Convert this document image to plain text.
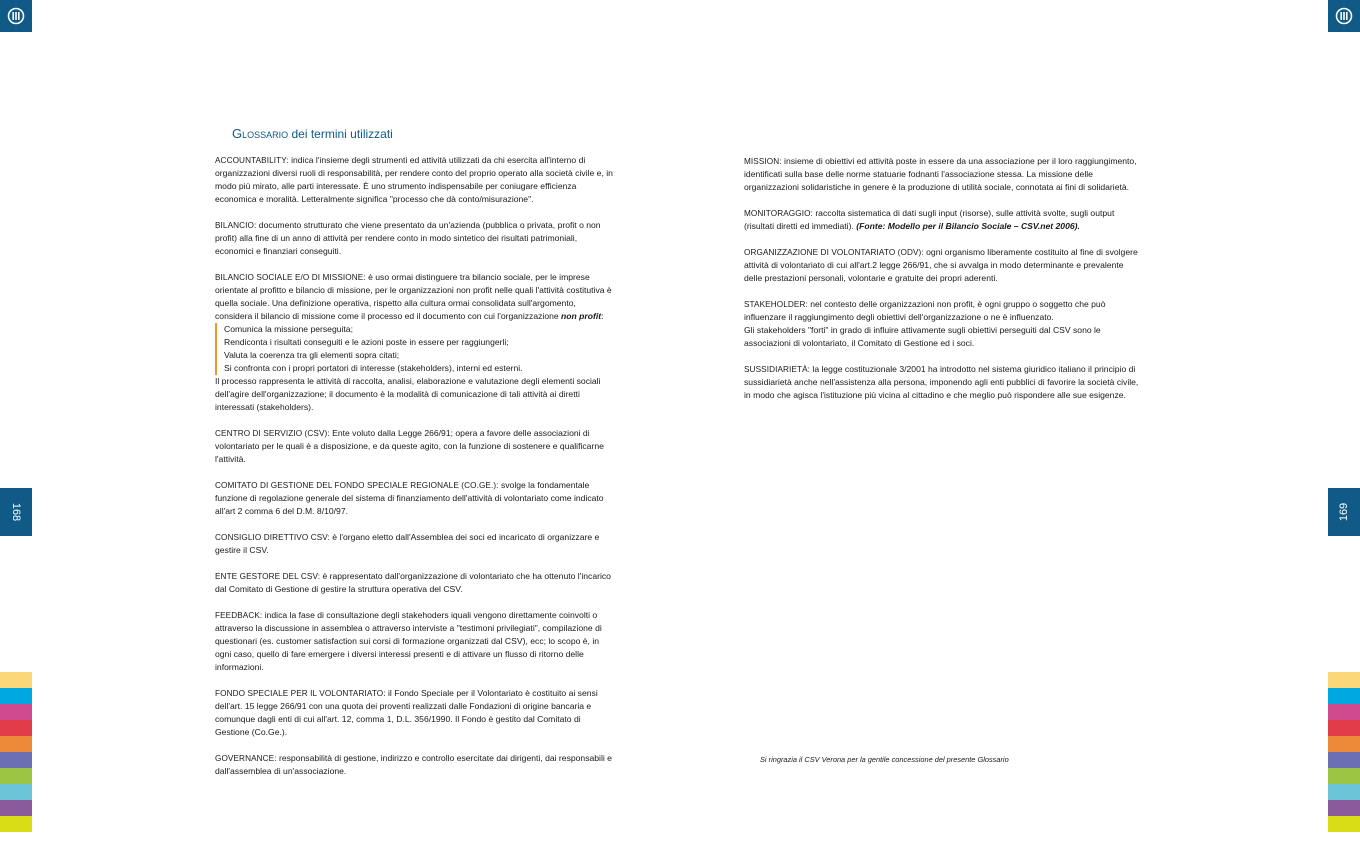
168	169
Glossario dei termini utilizzati
ACCOUNTABILITY: indica l'insieme degli strumenti ed attività utilizzati da chi esercita all'interno di organizzazioni diversi ruoli di responsabilità, per rendere conto del proprio operato alla società civile e, in modo più mirato, alle parti interessate. È uno strumento indispensabile per coniugare efficienza economica e moralità. Letteralmente significa "processo che dà conto/misurazione".
BILANCIO: documento strutturato che viene presentato da un'azienda (pubblica o privata, profit o non profit) alla fine di un anno di attività per rendere conto in modo sintetico dei risultati patrimoniali, economici e finanziari conseguiti.
BILANCIO SOCIALE E/O DI MISSIONE: è uso ormai distinguere tra bilancio sociale, per le imprese orientate al profitto e bilancio di missione, per le organizzazioni non profit nelle quali l'attività costitutiva è quella sociale. Una definizione operativa, rispetto alla cultura ormai consolidata sull'argomento, considera il bilancio di missione come il processo ed il documento con cui l'organizzazione non profit:
Comunica la missione perseguita;
Rendiconta i risultati conseguiti e le azioni poste in essere per raggiungerli;
Valuta la coerenza tra gli elementi sopra citati;
Si confronta con i propri portatori di interesse (stakeholders), interni ed esterni.
Il processo rappresenta le attività di raccolta, analisi, elaborazione e valutazione degli elementi sociali dell'agire dell'organizzazione; il documento è la modalità di comunicazione di tali attività ai diretti interessati (stakeholders).
CENTRO DI SERVIZIO (CSV): Ente voluto dalla Legge 266/91; opera a favore delle associazioni di volontariato per le quali è a disposizione, e da queste agito, con la funzione di sostenere e qualificarne l'attività.
COMITATO DI GESTIONE DEL FONDO SPECIALE REGIONALE (CO.GE.): svolge la fondamentale funzione di regolazione generale del sistema di finanziamento dell'attività di volontariato come indicato all'art 2 comma 6 del D.M. 8/10/97.
CONSIGLIO DIRETTIVO CSV: è l'organo eletto dall'Assemblea dei soci ed incaricato di organizzare e gestire il CSV.
ENTE GESTORE DEL CSV: è rappresentato dall'organizzazione di volontariato che ha ottenuto l'incarico dal Comitato di Gestione di gestire la struttura operativa del CSV.
FEEDBACK: indica la fase di consultazione degli stakehoders iquali vengono direttamente coinvolti o attraverso la discussione in assemblea o attraverso interviste a "testimoni privilegiati", compilazione di questionari (es. customer satisfaction sui corsi di formazione organizzati dal CSV), ecc; lo scopo è, in ogni caso, quello di fare emergere i diversi interessi presenti e di attivare un flusso di ritorno delle informazioni.
FONDO SPECIALE PER IL VOLONTARIATO: il Fondo Speciale per il Volontariato è costituito ai sensi dell'art. 15 legge 266/91 con una quota dei proventi realizzati dalle Fondazioni di origine bancaria e comunque dagli enti di cui all'art. 12, comma 1, D.L. 356/1990. Il Fondo è gestito dal Comitato di Gestione (Co.Ge.).
GOVERNANCE: responsabilità di gestione, indirizzo e controllo esercitate dai dirigenti, dai responsabili e dall'assemblea di un'associazione.
MISSION: insieme di obiettivi ed attività poste in essere da una associazione per il loro raggiungimento, identificati sulla base delle norme statuarie fodnanti l'associazione stessa. La missione delle organizzazioni solidaristiche in genere è la produzione di utilità sociale, connotata ai fini di solidarietà.
MONITORAGGIO: raccolta sistematica di dati sugli input (risorse), sulle attività svolte, sugli output (risultati diretti ed immediati). (Fonte: Modello per il Bilancio Sociale – CSV.net 2006).
ORGANIZZAZIONE DI VOLONTARIATO (ODV): ogni organismo liberamente costituito al fine di svolgere attività di volontariato di cui all'art.2 legge 266/91, che si avvalga in modo determinante e prevalente delle prestazioni personali, volontarie e gratuite dei propri aderenti.
STAKEHOLDER: nel contesto delle organizzazioni non profit, è ogni gruppo o soggetto che può influenzare il raggiungimento degli obiettivi dell'organizzazione o ne è influenzato.
Gli stakeholders "forti" in grado di influire attivamente sugli obiettivi perseguiti dal CSV sono le associazioni di volontariato, il Comitato di Gestione ed i soci.
SUSSIDIARIETÀ: la legge costituzionale 3/2001 ha introdotto nel sistema giuridico italiano il principio di sussidiarietà anche nell'assistenza alla persona, imponendo agli enti pubblici di favorire la società civile, in modo che agisca l'istituzione più vicina al cittadino e che meglio può rispondere alle sue esigenze.
Si ringrazia il CSV Verona per la gentile concessione del presente Glossario
